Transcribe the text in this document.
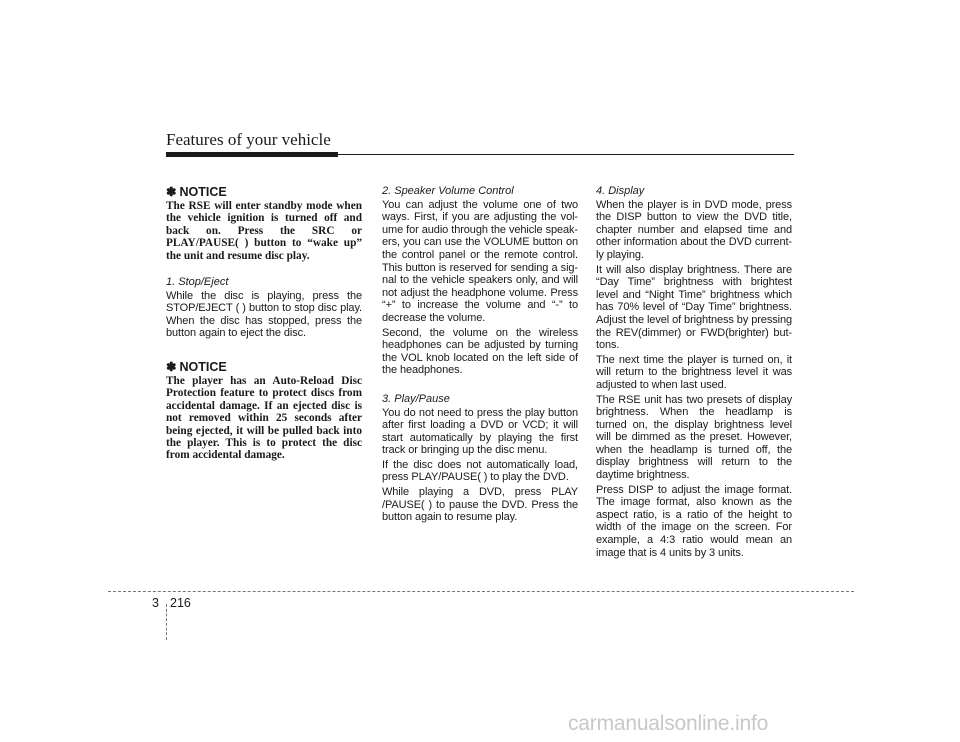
Features of your vehicle
✽ NOTICE

The RSE will enter standby mode when the vehicle ignition is turned off and back on. Press the SRC or PLAY/PAUSE( ) button to “wake up” the unit and resume disc play.

1. Stop/Eject

While the disc is playing, press the STOP/EJECT ( ) button to stop disc play. When the disc has stopped, press the button again to eject the disc.

✽ NOTICE

The player has an Auto-Reload Disc Protection feature to protect discs from accidental damage. If an ejected disc is not removed within 25 seconds after being ejected, it will be pulled back into the player. This is to protect the disc from accidental damage.

2. Speaker Volume Control

You can adjust the volume one of two ways. First, if you are adjusting the vol-ume for audio through the vehicle speak-ers, you can use the VOLUME button on the control panel or the remote control. This button is reserved for sending a sig-nal to the vehicle speakers only, and will not adjust the headphone volume. Press “+” to increase the volume and “-” to decrease the volume.

Second, the volume on the wireless headphones can be adjusted by turning the VOL knob located on the left side of the headphones.

3. Play/Pause

You do not need to press the play button after first loading a DVD or VCD; it will start automatically by playing the first track or bringing up the disc menu.

If the disc does not automatically load, press PLAY/PAUSE( ) to play the DVD.

While playing a DVD, press PLAY /PAUSE( ) to pause the DVD. Press the button again to resume play.

4. Display

When the player is in DVD mode, press the DISP button to view the DVD title, chapter number and elapsed time and other information about the DVD current-ly playing.

It will also display brightness. There are “Day Time” brightness with brightest level and “Night Time” brightness which has 70% level of “Day Time” brightness. Adjust the level of brightness by pressing the REV(dimmer) or FWD(brighter) but-tons.

The next time the player is turned on, it will return to the brightness level it was adjusted to when last used.

The RSE unit has two presets of display brightness. When the headlamp is turned on, the display brightness level will be dimmed as the preset. However, when the headlamp is turned off, the display brightness will return to the daytime brightness.

Press DISP to adjust the image format. The image format, also known as the aspect ratio, is a ratio of the height to width of the image on the screen. For example, a 4:3 ratio would mean an image that is 4 units by 3 units.

3 216
carmanualsonline.info
